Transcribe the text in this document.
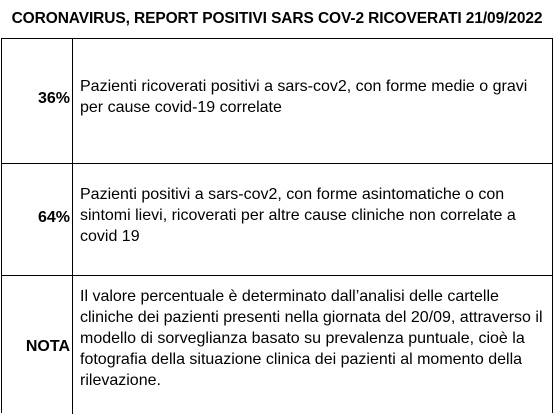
CORONAVIRUS, REPORT POSITIVI SARS COV-2 RICOVERATI 21/09/2022
36%
Pazienti ricoverati positivi a sars-cov2, con forme medie o gravi per cause covid-19 correlate
64%
Pazienti positivi a sars-cov2, con forme asintomatiche o con sintomi lievi, ricoverati per altre cause cliniche non correlate a covid 19
NOTA
Il valore percentuale è determinato dall’analisi delle cartelle cliniche dei pazienti presenti nella giornata del 20/09, attraverso il modello di sorveglianza basato su prevalenza puntuale, cioè la fotografia della situazione clinica dei pazienti al momento della rilevazione.
